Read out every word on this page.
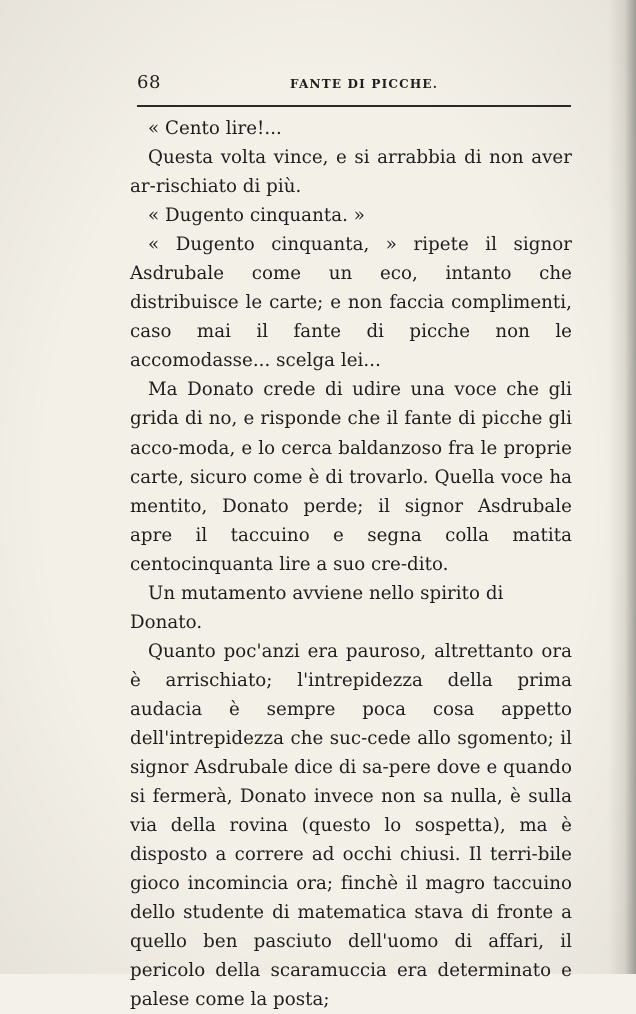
68	FANTE DI PICCHE.

« Cento lire!...

Questa volta vince, e si arrabbia di non aver ar-rischiato di più.

« Dugento cinquanta. »

« Dugento cinquanta, » ripete il signor Asdrubale come un eco, intanto che distribuisce le carte; e non faccia complimenti, caso mai il fante di picche non le accomodasse... scelga lei...

Ma Donato crede di udire una voce che gli grida di no, e risponde che il fante di picche gli acco-moda, e lo cerca baldanzoso fra le proprie carte, sicuro come è di trovarlo. Quella voce ha mentito, Donato perde; il signor Asdrubale apre il taccuino e segna colla matita centocinquanta lire a suo cre-dito.

Un mutamento avviene nello spirito di Donato.

Quanto poc'anzi era pauroso, altrettanto ora è arrischiato; l'intrepidezza della prima audacia è sempre poca cosa appetto dell'intrepidezza che suc-cede allo sgomento; il signor Asdrubale dice di sa-pere dove e quando si fermerà, Donato invece non sa nulla, è sulla via della rovina (questo lo sospetta), ma è disposto a correre ad occhi chiusi. Il terri-bile gioco incomincia ora; finchè il magro taccuino dello studente di matematica stava di fronte a quello ben pasciuto dell'uomo di affari, il pericolo della scaramuccia era determinato e palese come la posta;
